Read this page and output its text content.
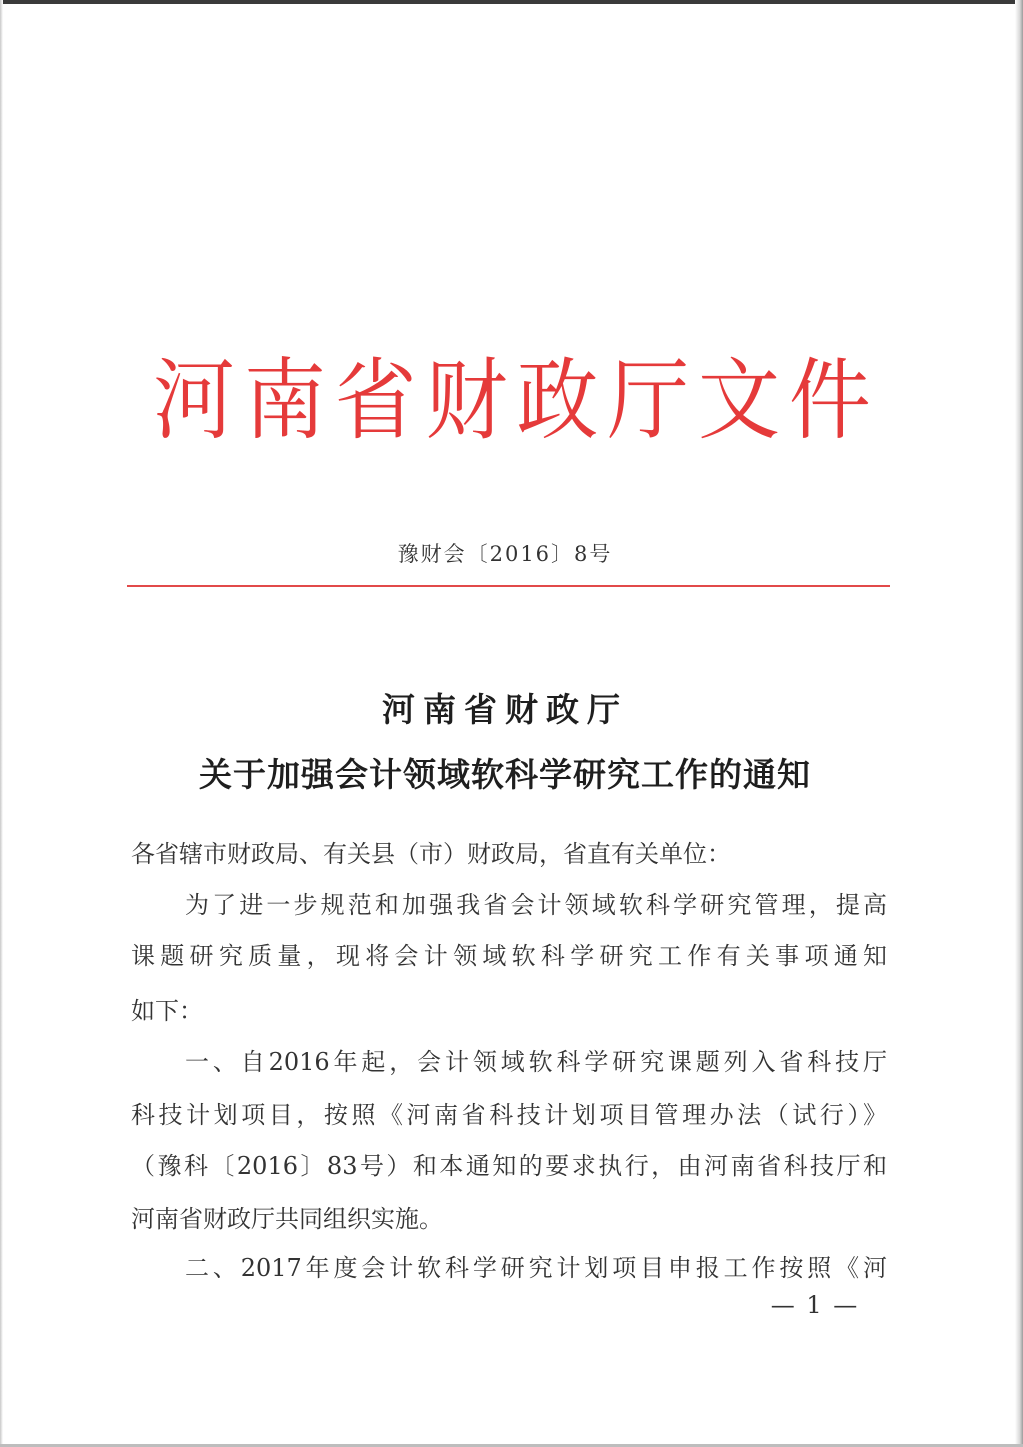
河 南 省 财 政 厅 文 件
豫财会〔2016〕8号
河南省财政厅
关于加强会计领域软科学研究工作的通知
各省辖市财政局、有关县（市）财政局，省直有关单位：
为了进一步规范和加强我省会计领域软科学研究管理，提高
课题研究质量，现将会计领域软科学研究工作有关事项通知
如下：
一、自2016年起，会计领域软科学研究课题列入省科技厅
科技计划项目，按照《河南省科技计划项目管理办法（试行）》
（豫科〔2016〕83号）和本通知的要求执行，由河南省科技厅和
河南省财政厅共同组织实施。
二、2017年度会计软科学研究计划项目申报工作按照《河
— 1 —
